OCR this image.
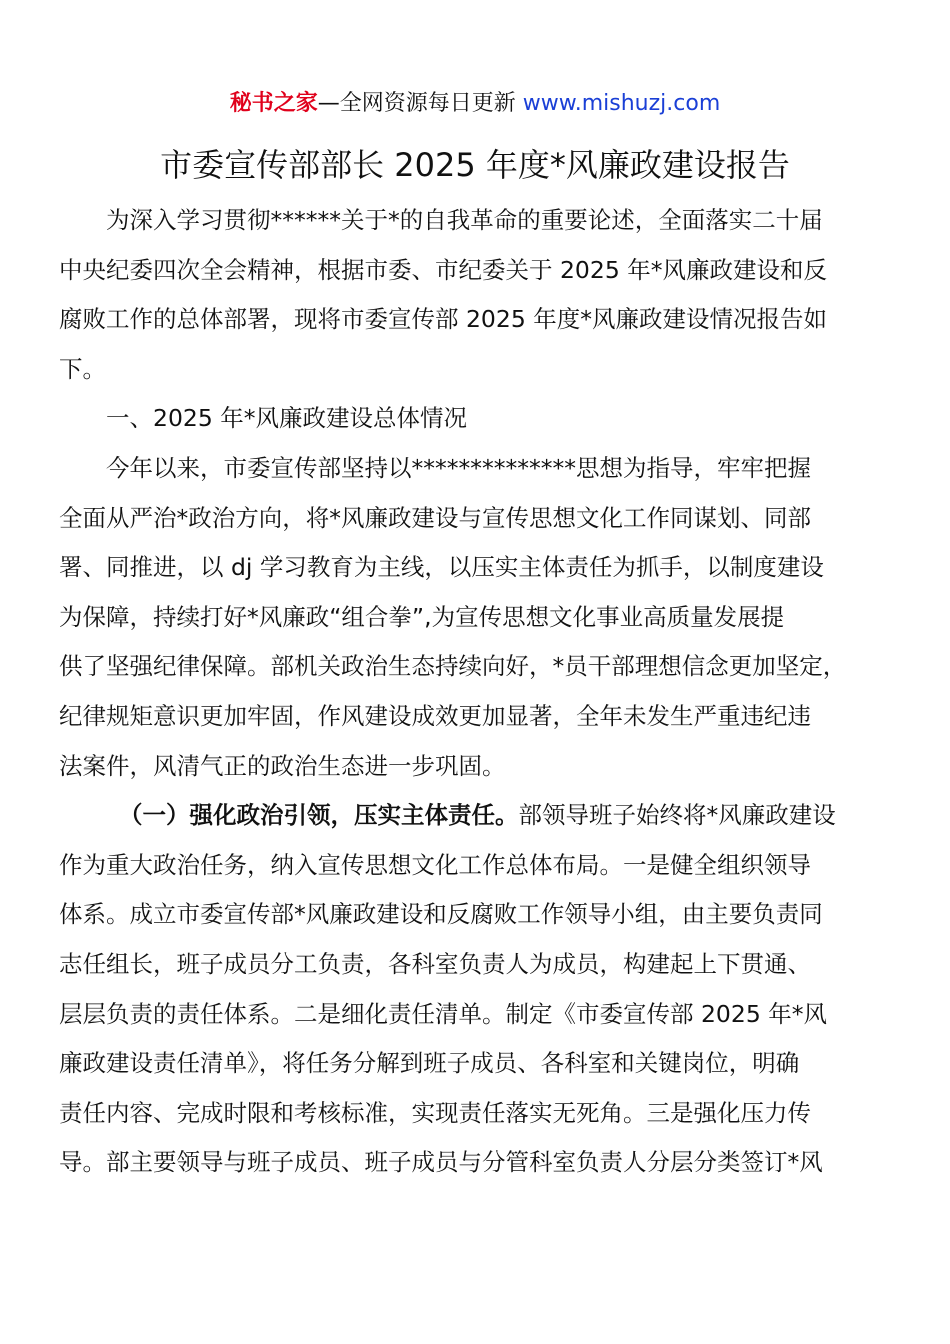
秘书之家—全网资源每日更新 www.mishuzj.com
市委宣传部部长 2025 年度*风廉政建设报告
为深入学习贯彻******关于*的自我革命的重要论述，全面落实二十届
中央纪委四次全会精神，根据市委、市纪委关于 2025 年*风廉政建设和反
腐败工作的总体部署，现将市委宣传部 2025 年度*风廉政建设情况报告如
下。
一、2025 年*风廉政建设总体情况
今年以来，市委宣传部坚持以**************思想为指导，牢牢把握
全面从严治*政治方向，将*风廉政建设与宣传思想文化工作同谋划、同部
署、同推进，以 dj 学习教育为主线，以压实主体责任为抓手，以制度建设
为保障，持续打好*风廉政“组合拳”,为宣传思想文化事业高质量发展提
供了坚强纪律保障。部机关政治生态持续向好，*员干部理想信念更加坚定，
纪律规矩意识更加牢固，作风建设成效更加显著，全年未发生严重违纪违
法案件，风清气正的政治生态进一步巩固。
（一）强化政治引领，压实主体责任。部领导班子始终将*风廉政建设
作为重大政治任务，纳入宣传思想文化工作总体布局。一是健全组织领导
体系。成立市委宣传部*风廉政建设和反腐败工作领导小组，由主要负责同
志任组长，班子成员分工负责，各科室负责人为成员，构建起上下贯通、
层层负责的责任体系。二是细化责任清单。制定《市委宣传部 2025 年*风
廉政建设责任清单》，将任务分解到班子成员、各科室和关键岗位，明确
责任内容、完成时限和考核标准，实现责任落实无死角。三是强化压力传
导。部主要领导与班子成员、班子成员与分管科室负责人分层分类签订*风
